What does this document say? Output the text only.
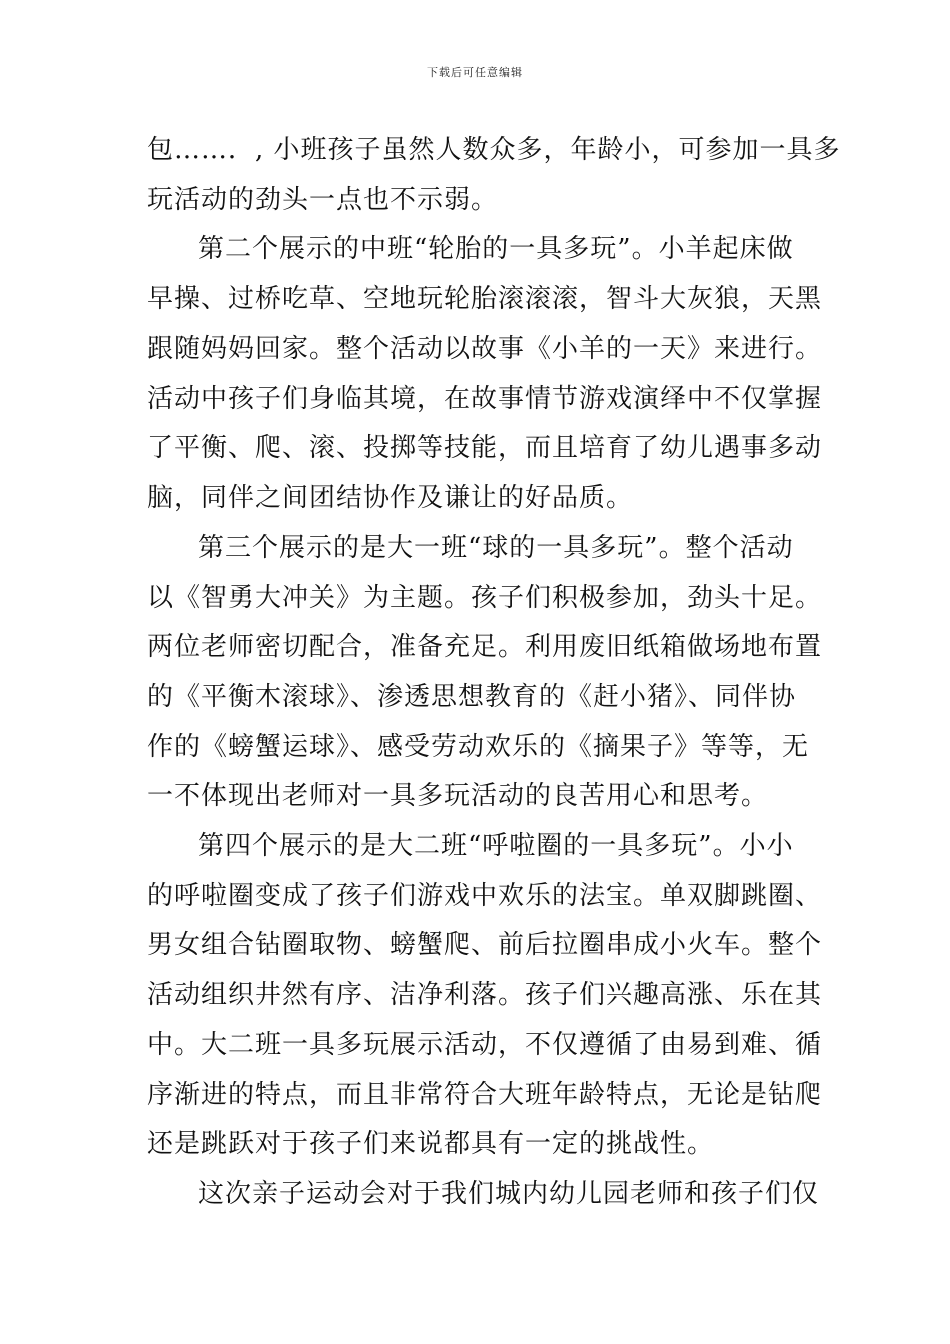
下载后可任意编辑
包……．, 小班孩子虽然人数众多，年龄小，可参加一具多
玩活动的劲头一点也不示弱。
第二个展示的中班“轮胎的一具多玩”。小羊起床做
早操、过桥吃草、空地玩轮胎滚滚滚，智斗大灰狼，天黑
跟随妈妈回家。整个活动以故事《小羊的一天》来进行。
活动中孩子们身临其境，在故事情节游戏演绎中不仅掌握
了平衡、爬、滚、投掷等技能，而且培育了幼儿遇事多动
脑，同伴之间团结协作及谦让的好品质。
第三个展示的是大一班“球的一具多玩”。整个活动
以《智勇大冲关》为主题。孩子们积极参加，劲头十足。
两位老师密切配合，准备充足。利用废旧纸箱做场地布置
的《平衡木滚球》、渗透思想教育的《赶小猪》、同伴协
作的《螃蟹运球》、感受劳动欢乐的《摘果子》等等，无
一不体现出老师对一具多玩活动的良苦用心和思考。
第四个展示的是大二班“呼啦圈的一具多玩”。小小
的呼啦圈变成了孩子们游戏中欢乐的法宝。单双脚跳圈、
男女组合钻圈取物、螃蟹爬、前后拉圈串成小火车。整个
活动组织井然有序、洁净利落。孩子们兴趣高涨、乐在其
中。大二班一具多玩展示活动，不仅遵循了由易到难、循
序渐进的特点，而且非常符合大班年龄特点，无论是钻爬
还是跳跃对于孩子们来说都具有一定的挑战性。
这次亲子运动会对于我们城内幼儿园老师和孩子们仅
